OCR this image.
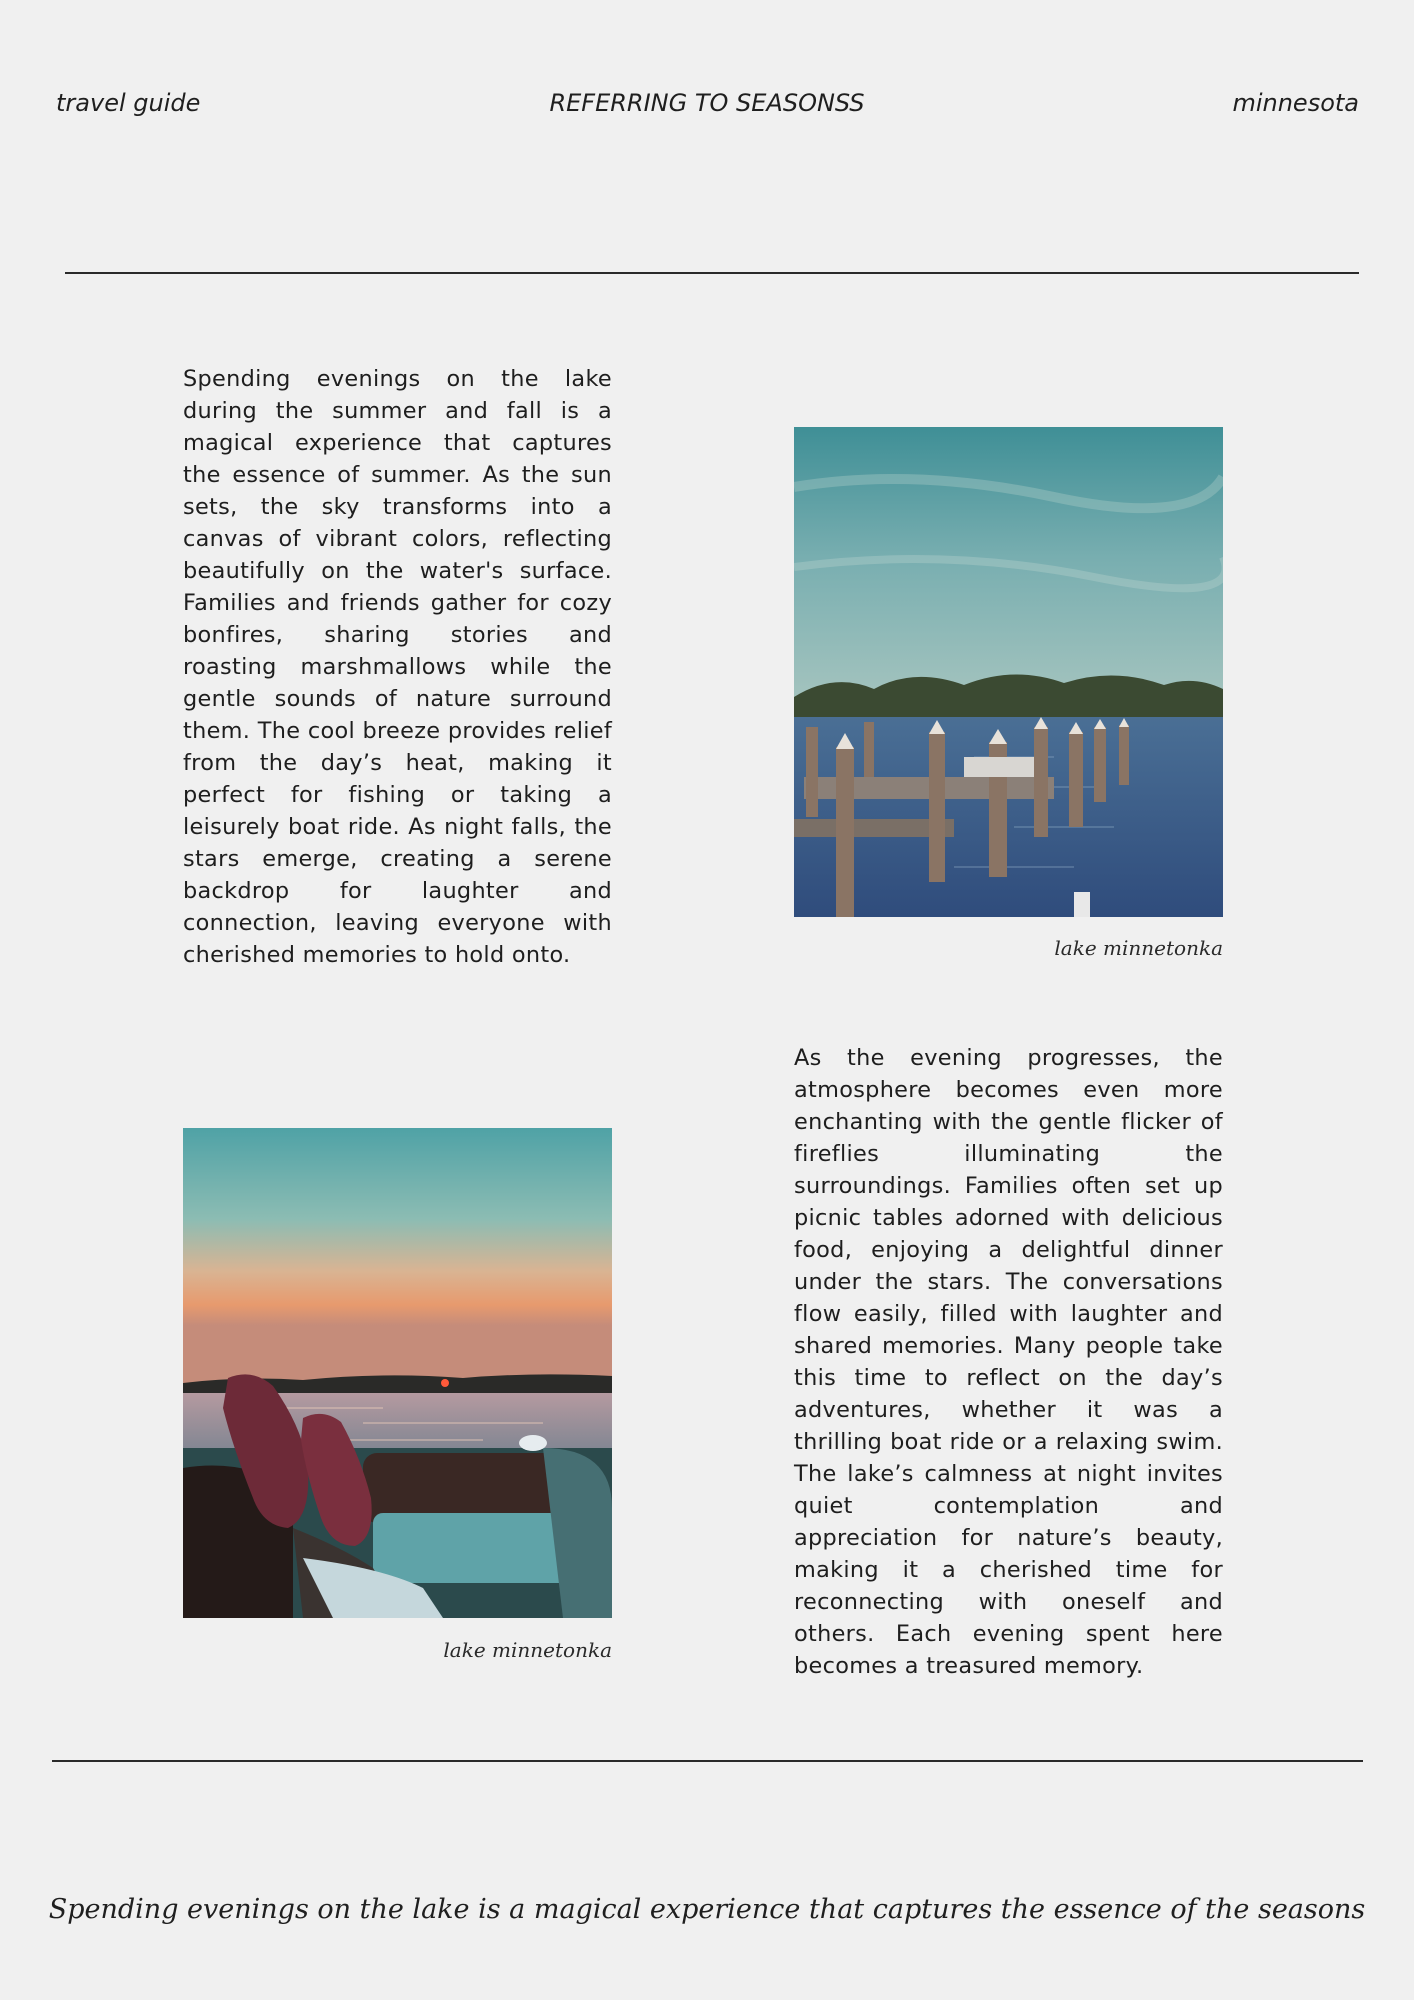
travel guide	REFERRING TO SEASONSS	minnesota

Spending evenings on the lake during the summer and fall is a magical experience that captures the essence of summer. As the sun sets, the sky transforms into a canvas of vibrant colors, reflecting beautifully on the water's surface. Families and friends gather for cozy bonfires, sharing stories and roasting marshmallows while the gentle sounds of nature surround them. The cool breeze provides relief from the day’s heat, making it perfect for fishing or taking a leisurely boat ride. As night falls, the stars emerge, creating a serene backdrop for laughter and connection, leaving everyone with cherished memories to hold onto.	lake minnetonka
lake minnetonka

As the evening progresses, the atmosphere becomes even more enchanting with the gentle flicker of fireflies illuminating the surroundings. Families often set up picnic tables adorned with delicious food, enjoying a delightful dinner under the stars. The conversations flow easily, filled with laughter and shared memories. Many people take this time to reflect on the day’s adventures, whether it was a thrilling boat ride or a relaxing swim. The lake’s calmness at night invites quiet contemplation and appreciation for nature’s beauty, making it a cherished time for reconnecting with oneself and others. Each evening spent here becomes a treasured memory.

Spending evenings on the lake is a magical experience that captures the essence of the seasons
